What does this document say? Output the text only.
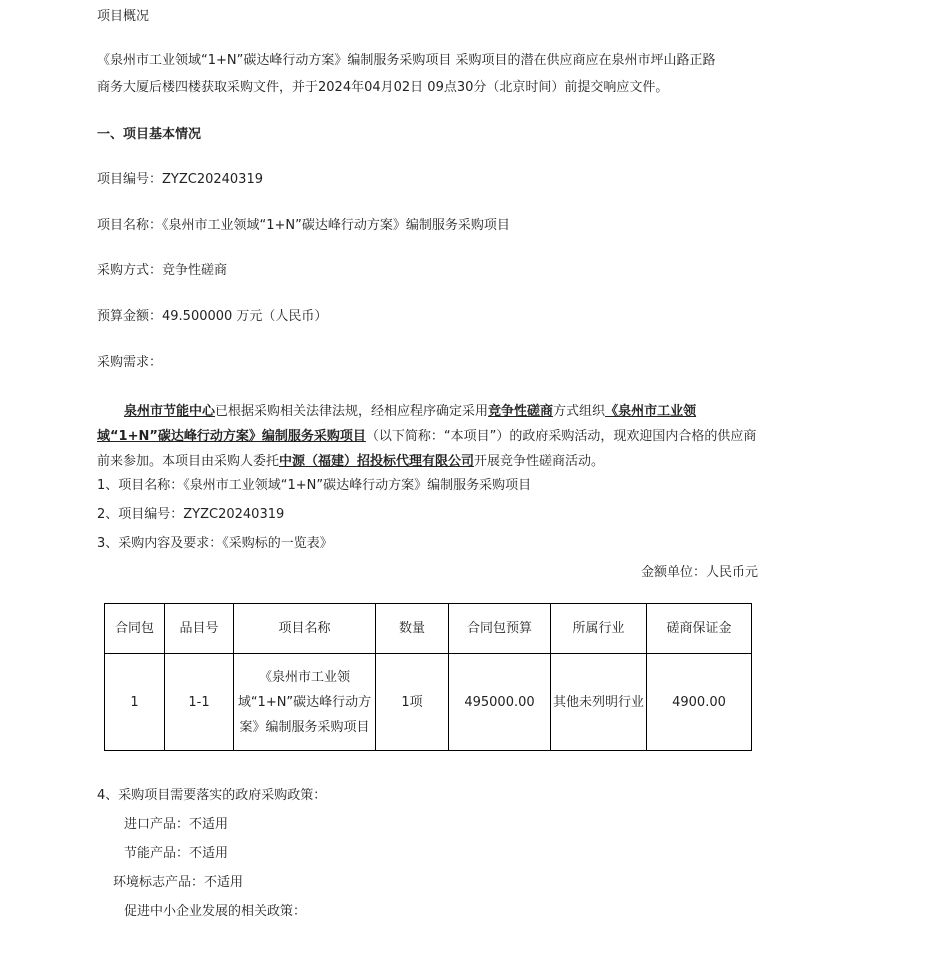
项目概况
《泉州市工业领域“1+N”碳达峰行动方案》编制服务采购项目 采购项目的潜在供应商应在泉州市坪山路正路
商务大厦后楼四楼获取采购文件，并于2024年04月02日 09点30分（北京时间）前提交响应文件。
一、项目基本情况
项目编号：ZYZC20240319
项目名称：《泉州市工业领域“1+N”碳达峰行动方案》编制服务采购项目
采购方式：竞争性磋商
预算金额：49.500000 万元（人民币）
采购需求：
泉州市节能中心已根据采购相关法律法规，经相应程序确定采用竞争性磋商方式组织《泉州市工业领域“1+N”碳达峰行动方案》编制服务采购项目（以下简称：“本项目”）的政府采购活动，现欢迎国内合格的供应商前来参加。本项目由采购人委托中源（福建）招投标代理有限公司开展竞争性磋商活动。
1、项目名称：《泉州市工业领域“1+N”碳达峰行动方案》编制服务采购项目
2、项目编号：ZYZC20240319
3、采购内容及要求：《采购标的一览表》
金额单位：人民币元
合同包	品目号	项目名称	数量	合同包预算	所属行业	磋商保证金
1	1-1	《泉州市工业领域“1+N”碳达峰行动方案》编制服务采购项目	1项	495000.00	其他未列明行业	4900.00
4、采购项目需要落实的政府采购政策：
进口产品：不适用
节能产品：不适用
环境标志产品：不适用
促进中小企业发展的相关政策：
